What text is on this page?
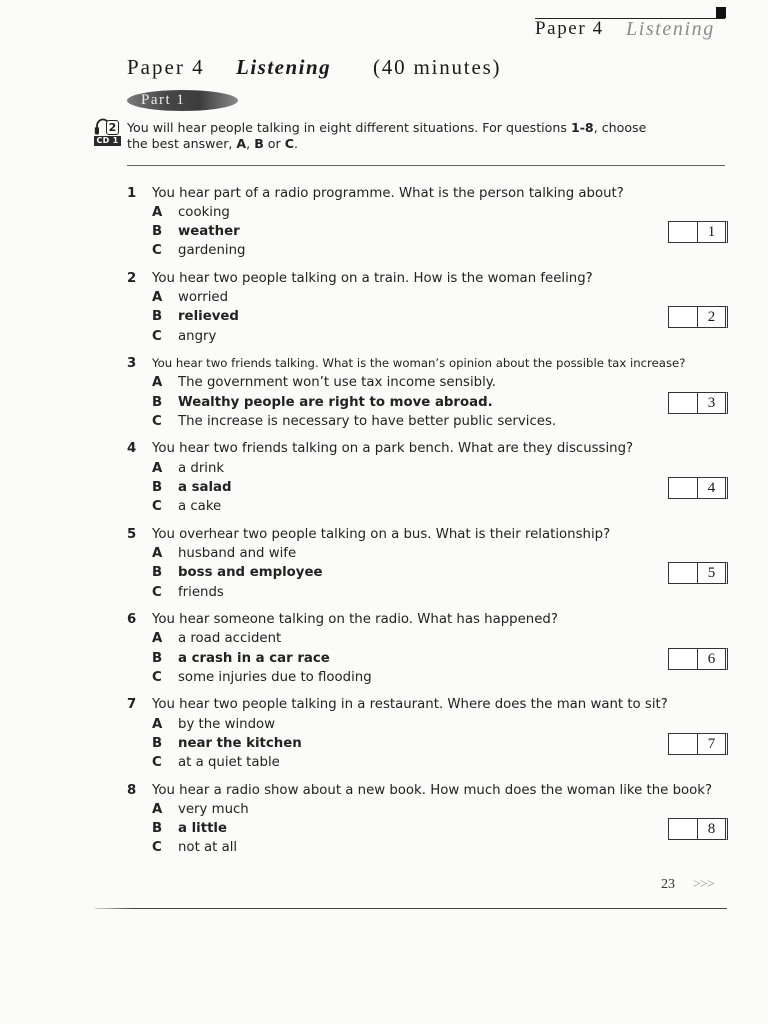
Paper 4 Listening
Paper 4 Listening (40 minutes)
Part 1
2
CD 1
You will hear people talking in eight different situations. For questions 1-8, choose
the best answer, A, B or C.
1 You hear part of a radio programme. What is the person talking about?
A cooking
B weather
C gardening
1
2 You hear two people talking on a train. How is the woman feeling?
A worried
B relieved
C angry
2
3 You hear two friends talking. What is the woman’s opinion about the possible tax increase?
A The government won’t use tax income sensibly.
B Wealthy people are right to move abroad.
C The increase is necessary to have better public services.
3
4 You hear two friends talking on a park bench. What are they discussing?
A a drink
B a salad
C a cake
4
5 You overhear two people talking on a bus. What is their relationship?
A husband and wife
B boss and employee
C friends
5
6 You hear someone talking on the radio. What has happened?
A a road accident
B a crash in a car race
C some injuries due to flooding
6
7 You hear two people talking in a restaurant. Where does the man want to sit?
A by the window
B near the kitchen
C at a quiet table
7
8 You hear a radio show about a new book. How much does the woman like the book?
A very much
B a little
C not at all
8
23 >>>
